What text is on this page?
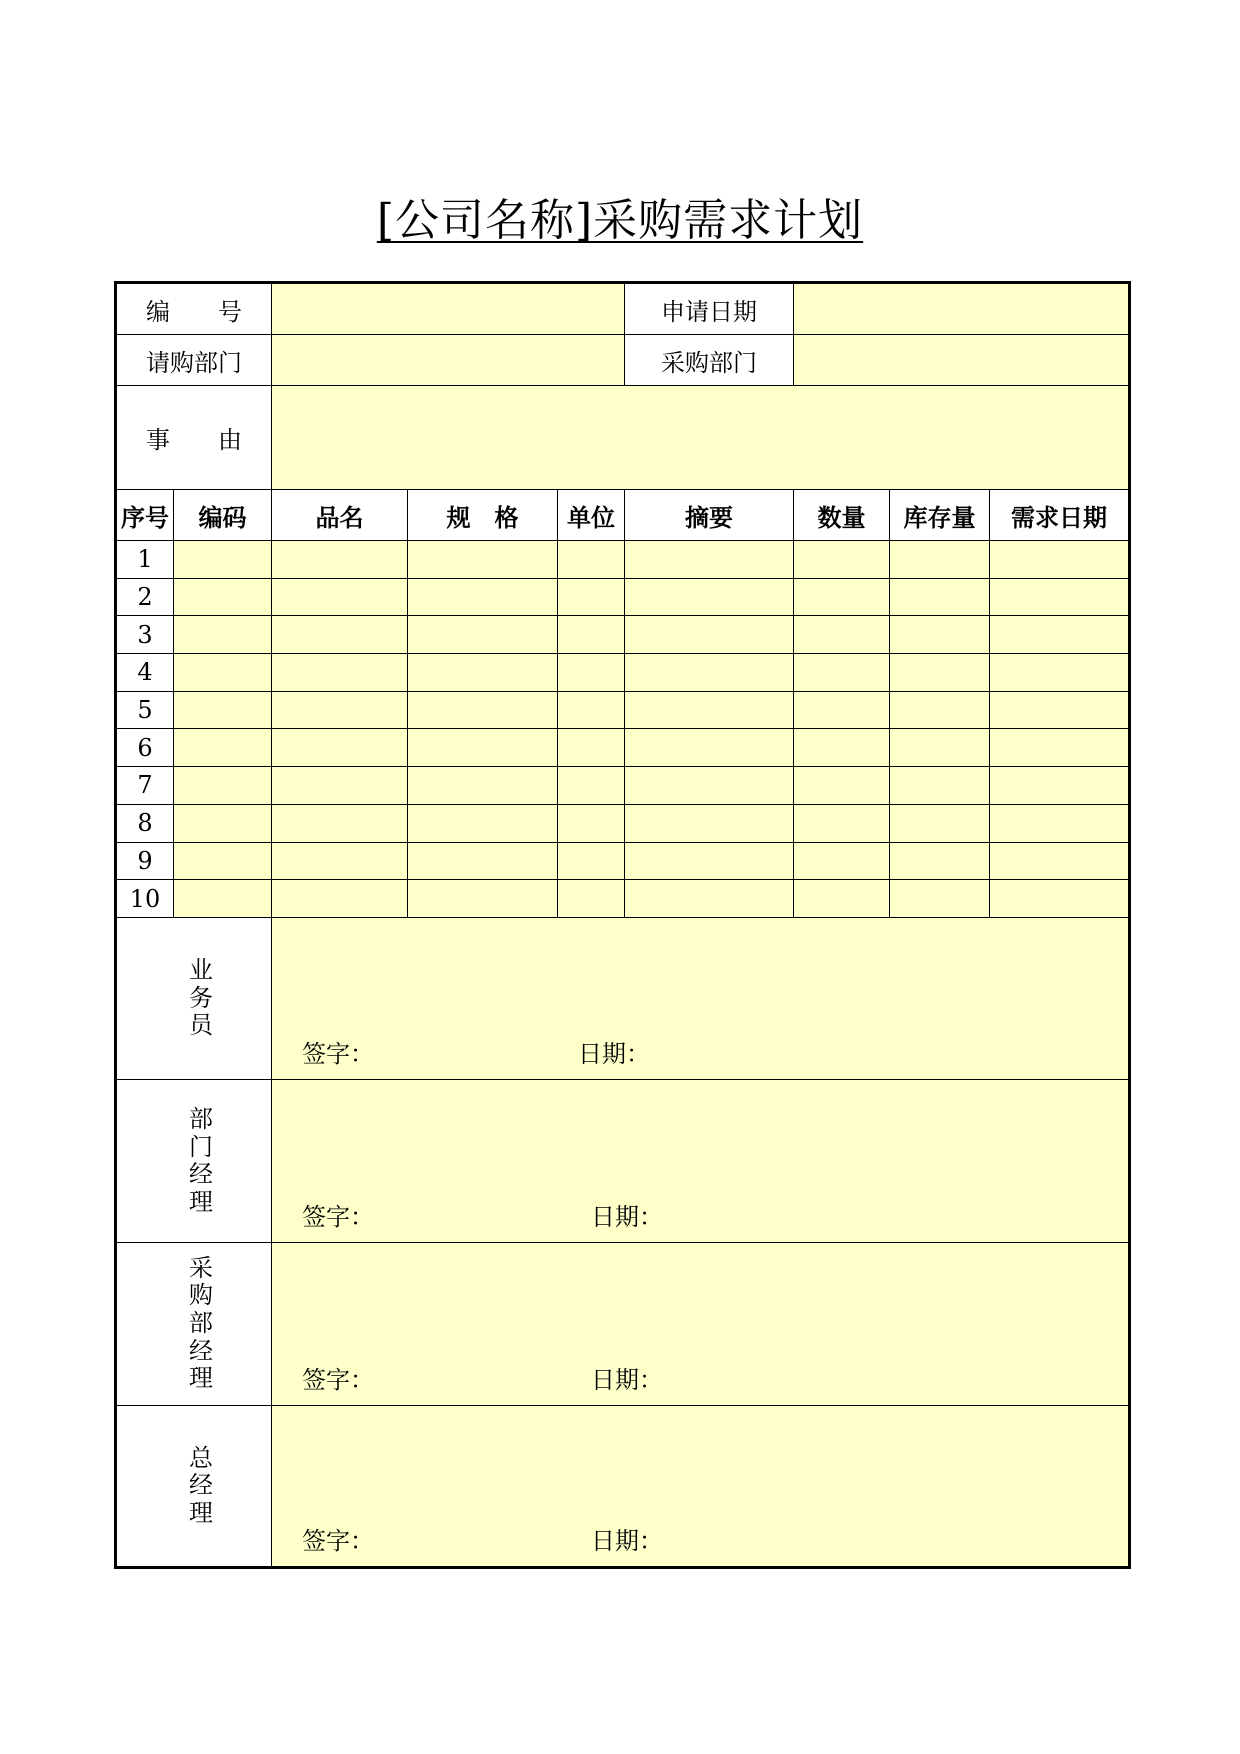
[公司名称]采购需求计划
编　　号					申请日期			
请购部门					采购部门			
事　　由								
序号	编码	品名	规　格	单位	摘要	数量	库存量	需求日期
1								
2								
3								
4								
5								
6								
7								
8								
9								
10								
业务员		签字： 日期：						

部门经理		签字： 日期：						

采购部经理		签字： 日期：						

总经理		签字： 日期：						
